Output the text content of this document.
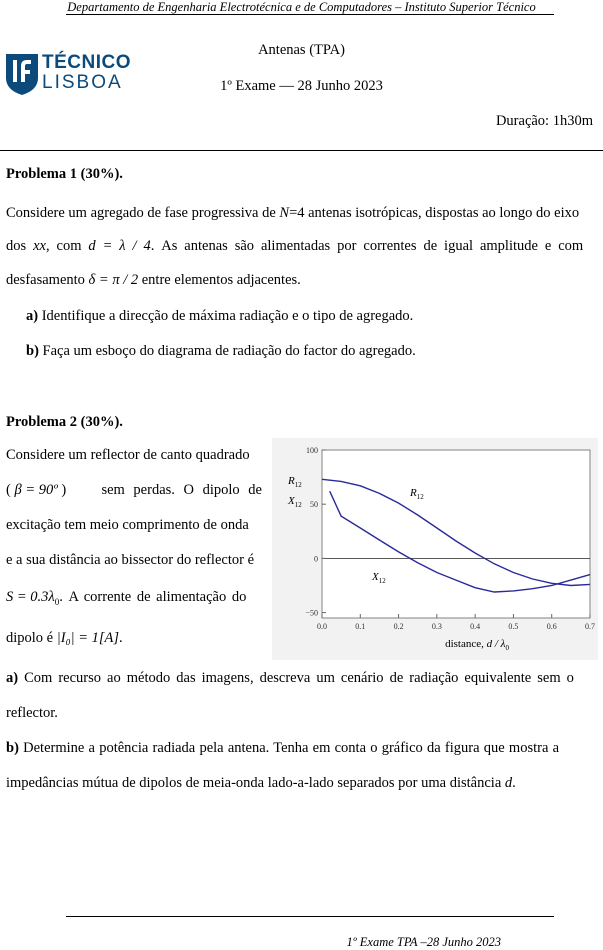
Departamento de Engenharia Electrotécnica e de Computadores – Instituto Superior Técnico
TÉCNICO
LISBOA
Antenas (TPA)
1º Exame — 28 Junho 2023
Duração: 1h30m
Problema 1 (30%).
Considere um agregado de fase progressiva de N=4 antenas isotrópicas, dispostas ao longo do eixo
dos xx, com d = λ / 4. As antenas são alimentadas por correntes de igual amplitude e com
desfasamento δ = π / 2 entre elementos adjacentes.
a) Identifique a direcção de máxima radiação e o tipo de agregado.
b) Faça um esboço do diagrama de radiação do factor do agregado.
Problema 2 (30%).
Considere um reflector de canto quadrado
( β = 90º ) sem perdas. O dipolo de
excitação tem meio comprimento de onda
e a sua distância ao bissector do reflector é
$S = 0.3\lambda_0$. A corrente de alimentação do
dipolo é |I₀| = 1[A].
100
50
0
−50
0.0	0.1	0.2	0.3	0.4	0.5	0.6	0.7
$R_{12}$
$X_{12}$
$R_{12}$
$X_{12}$
distance, d / $\lambda_0$
a) Com recurso ao método das imagens, descreva um cenário de radiação equivalente sem o
reflector.
b) Determine a potência radiada pela antena. Tenha em conta o gráfico da figura que mostra a
impedâncias mútua de dipolos de meia-onda lado-a-lado separados por uma distância d.
1º Exame TPA –28 Junho 2023
